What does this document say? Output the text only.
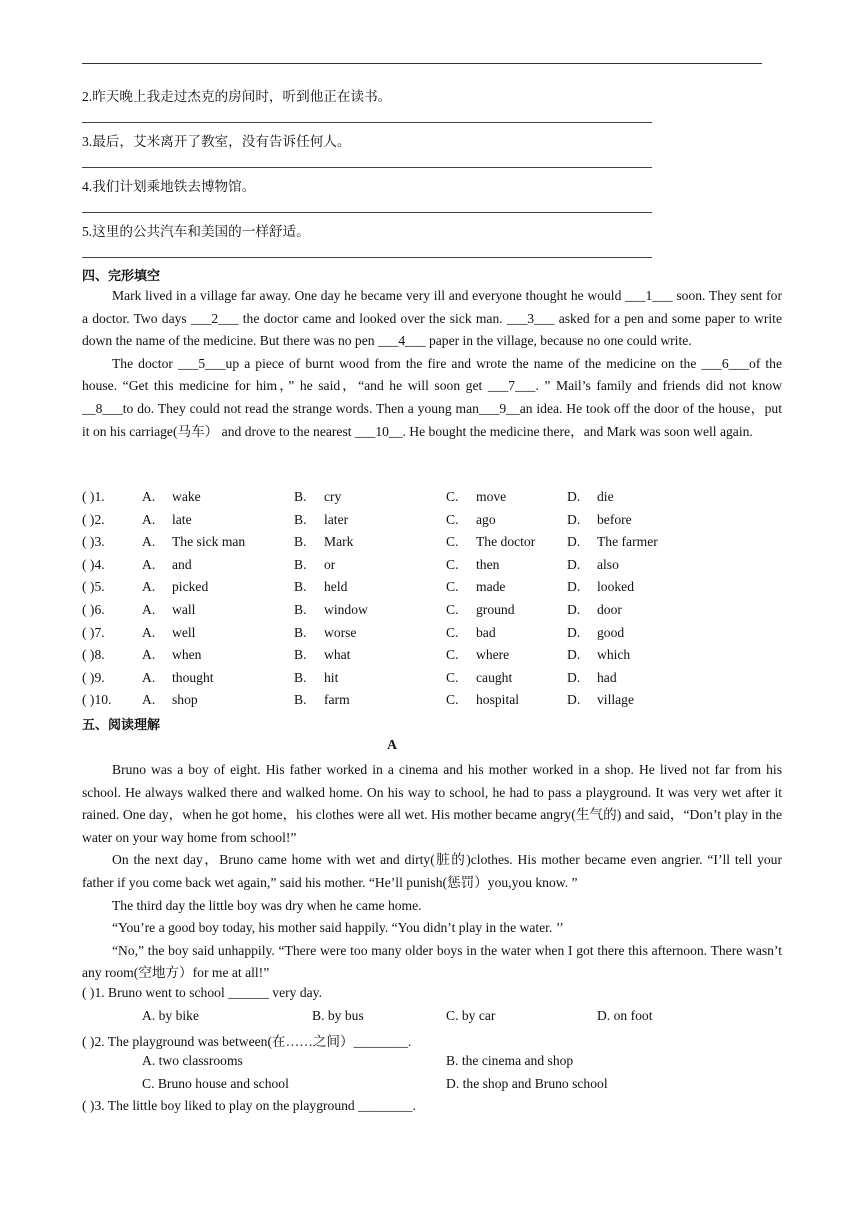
2.昨天晚上我走过杰克的房间时，听到他正在读书。
3.最后，艾米离开了教室，没有告诉任何人。
4.我们计划乘地铁去博物馆。
5.这里的公共汽车和美国的一样舒适。
四、完形填空

Mark lived in a village far away. One day he became very ill and everyone thought he would ___1___ soon. They sent for a doctor. Two days ___2___ the doctor came and looked over the sick man. ___3___ asked for a pen and some paper to write down the name of the medicine. But there was no pen ___4___ paper in the village, because no one could write.

The doctor ___5___up a piece of burnt wood from the fire and wrote the name of the medicine on the ___6___of the house. “Get this medicine for him，” he said，“and he will soon get ___7___. ” Mail’s family and friends did not know __8___to do. They could not read the strange words. Then a young man___9__an idea. He took off the door of the house，put it on his carriage(马车） and drove to the nearest ___10__. He bought the medicine there，and Mark was soon well again.

( )1.	A. wake	B. cry	C. move	D. die
( )2.	A. late	B. later	C. ago	D. before
( )3.	A. The sick man	B. Mark	C. The doctor D. The farmer
( )4.	A. and	B. or	C. then	D. also
( )5.	A. picked	B. held	C. made	D. looked
( )6.	A. wall	B. window	C. ground	D. door
( )7.	A. well	B. worse	C. bad	D. good
( )8.	A. when	B. what	C. where	D. which
( )9.	A. thought	B. hit	C. caught	D. had
( )10. A. shop	B. farm	C. hospital	D. village
五、阅读理解
A

Bruno was a boy of eight. His father worked in a cinema and his mother worked in a shop. He lived not far from his school. He always walked there and walked home. On his way to school, he had to pass a playground. It was very wet after it rained. One day，when he got home，his clothes were all wet. His mother became angry(生气的) and said，“Don’t play in the water on your way home from school!”

On the next day，Bruno came home with wet and dirty(脏的)clothes. His mother became even angrier. “I’ll tell your father if you come back wet again,” said his mother. “He’ll punish(惩罚）you,you know. ”

The third day the little boy was dry when he came home.

“You’re a good boy today, his mother said happily. “You didn’t play in the water. ’’

“No,” the boy said unhappily. “There were too many older boys in the water when I got there this afternoon. There wasn’t any room(空地方）for me at all!”

( )1. Bruno went to school ______ very day.
A. by bike	B. by bus	C. by car	D. on foot
( )2. The playground was between(在……之间）________.
A. two classrooms	B. the cinema and shop
C. Bruno house and school	D. the shop and Bruno school
( )3. The little boy liked to play on the playground ________.
